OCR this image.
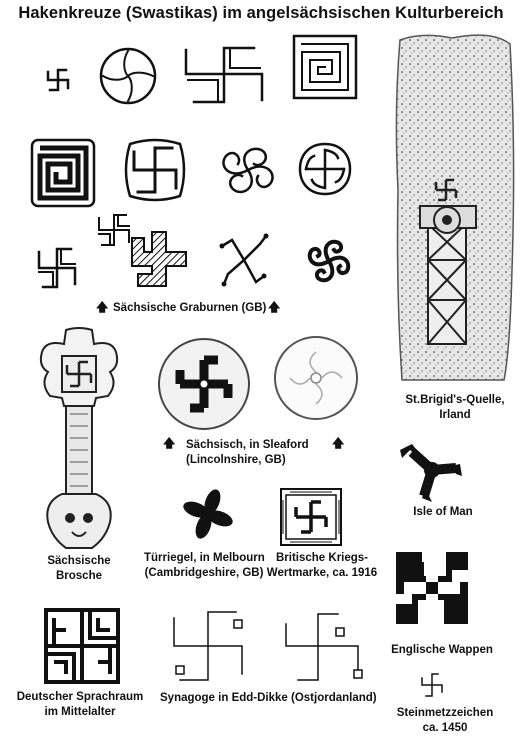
Hakenkreuze (Swastikas) im angelsächsischen Kulturbereich
🡅 Sächsische Graburnen (GB) 🡅
St.Brigid's-Quelle,
Irland
Sächsische
Brosche
🡅 Sächsisch, in Sleaford
(Lincolnshire, GB)
🡅
Isle of Man
Türriegel, in Melbourn
(Cambridgeshire, GB)
Britische Kriegs-
Wertmarke, ca. 1916
Englische Wappen
Deutscher Sprachraum
im Mittelalter
Synagoge in Edd-Dikke (Ostjordanland)
Steinmetzzeichen
ca. 1450
